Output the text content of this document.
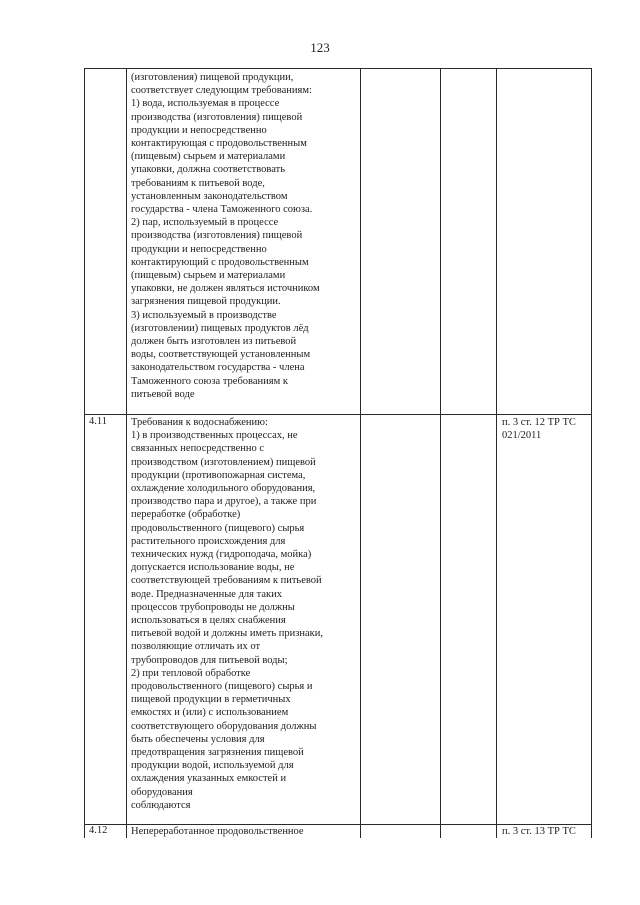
123
(изготовления) пищевой продукции,
соответствует следующим требованиям:
1) вода, используемая в процессе
производства (изготовления) пищевой
продукции и непосредственно
контактирующая с продовольственным
(пищевым) сырьем и материалами
упаковки, должна соответствовать
требованиям к питьевой воде,
установленным законодательством
государства - члена Таможенного союза.
2) пар, используемый в процессе
производства (изготовления) пищевой
продукции и непосредственно
контактирующий с продовольственным
(пищевым) сырьем и материалами
упаковки, не должен являться источником
загрязнения пищевой продукции.
3) используемый в производстве
(изготовлении) пищевых продуктов лёд
должен быть изготовлен из питьевой
воды, соответствующей установленным
законодательством государства - члена
Таможенного союза требованиям к
питьевой воде
4.11 Требования к водоснабжению:
1) в производственных процессах, не
связанных непосредственно с
производством (изготовлением) пищевой
продукции (противопожарная система,
охлаждение холодильного оборудования,
производство пара и другое), а также при
переработке (обработке)
продовольственного (пищевого) сырья
растительного происхождения для
технических нужд (гидроподача, мойка)
допускается использование воды, не
соответствующей требованиям к питьевой
воде. Предназначенные для таких
процессов трубопроводы не должны
использоваться в целях снабжения
питьевой водой и должны иметь признаки,
позволяющие отличать их от
трубопроводов для питьевой воды;
2) при тепловой обработке
продовольственного (пищевого) сырья и
пищевой продукции в герметичных
емкостях и (или) с использованием
соответствующего оборудования должны
быть обеспечены условия для
предотвращения загрязнения пищевой
продукции водой, используемой для
охлаждения указанных емкостей и
оборудования
соблюдаются
п. 3 ст. 12 ТР ТС
021/2011
4.12 Непереработанное продовольственное	п. 3 ст. 13 ТР ТС
